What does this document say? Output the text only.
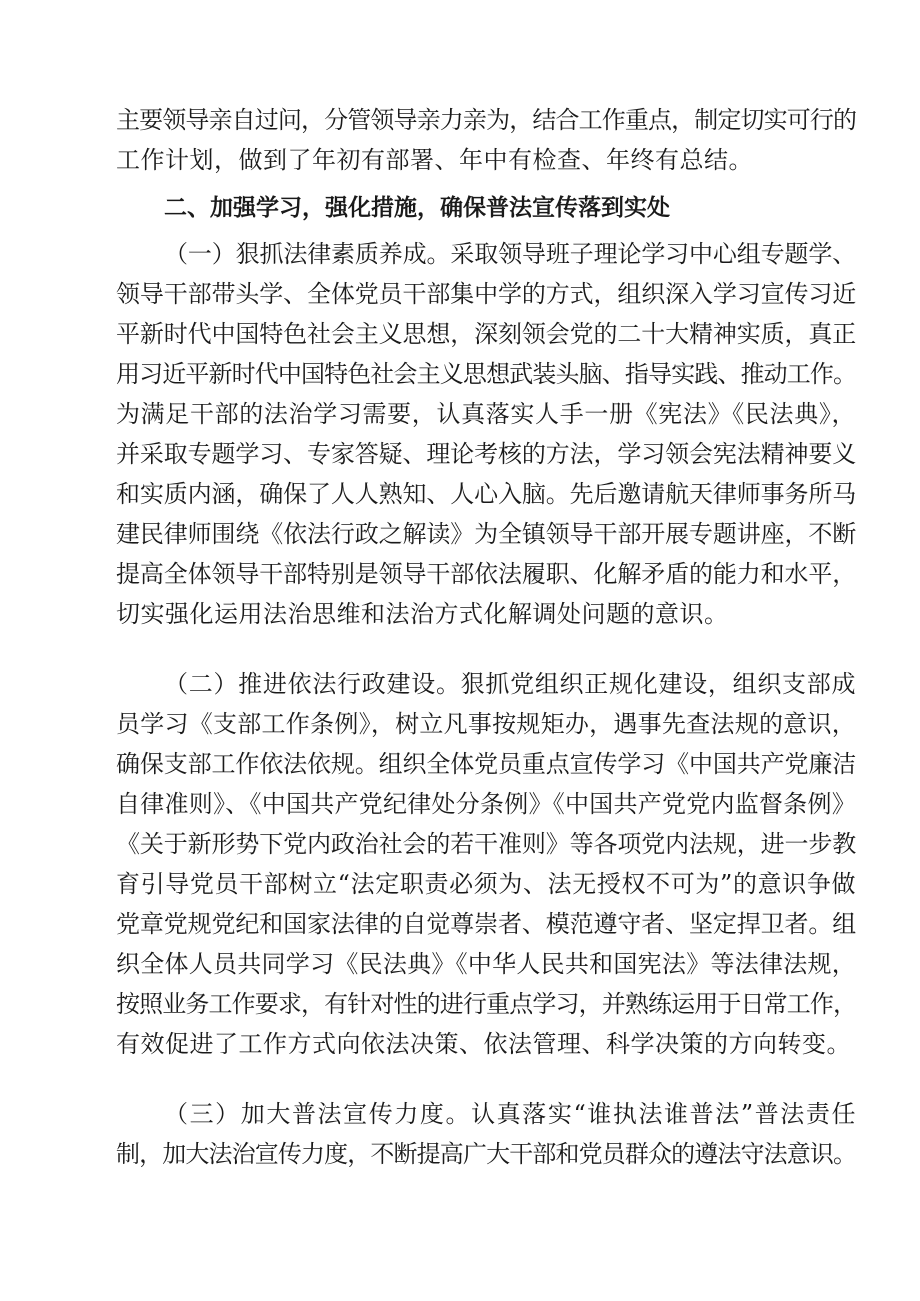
主要领导亲自过问，分管领导亲力亲为，结合工作重点，制定切实可行的
工作计划，做到了年初有部署、年中有检查、年终有总结。
二、加强学习，强化措施，确保普法宣传落到实处
（一）狠抓法律素质养成。采取领导班子理论学习中心组专题学、
领导干部带头学、全体党员干部集中学的方式，组织深入学习宣传习近
平新时代中国特色社会主义思想，深刻领会党的二十大精神实质，真正
用习近平新时代中国特色社会主义思想武装头脑、指导实践、推动工作。
为满足干部的法治学习需要，认真落实人手一册《宪法》《民法典》，
并采取专题学习、专家答疑、理论考核的方法，学习领会宪法精神要义
和实质内涵，确保了人人熟知、人心入脑。先后邀请航天律师事务所马
建民律师围绕《依法行政之解读》为全镇领导干部开展专题讲座，不断
提高全体领导干部特别是领导干部依法履职、化解矛盾的能力和水平，
切实强化运用法治思维和法治方式化解调处问题的意识。
（二）推进依法行政建设。狠抓党组织正规化建设，组织支部成
员学习《支部工作条例》，树立凡事按规矩办，遇事先查法规的意识，
确保支部工作依法依规。组织全体党员重点宣传学习《中国共产党廉洁
自律准则》、《中国共产党纪律处分条例》《中国共产党党内监督条例》
《关于新形势下党内政治社会的若干准则》等各项党内法规，进一步教
育引导党员干部树立“法定职责必须为、法无授权不可为”的意识争做
党章党规党纪和国家法律的自觉尊崇者、模范遵守者、坚定捍卫者。组
织全体人员共同学习《民法典》《中华人民共和国宪法》等法律法规，
按照业务工作要求，有针对性的进行重点学习，并熟练运用于日常工作，
有效促进了工作方式向依法决策、依法管理、科学决策的方向转变。
（三）加大普法宣传力度。认真落实“谁执法谁普法”普法责任
制，加大法治宣传力度，不断提高广大干部和党员群众的遵法守法意识。
